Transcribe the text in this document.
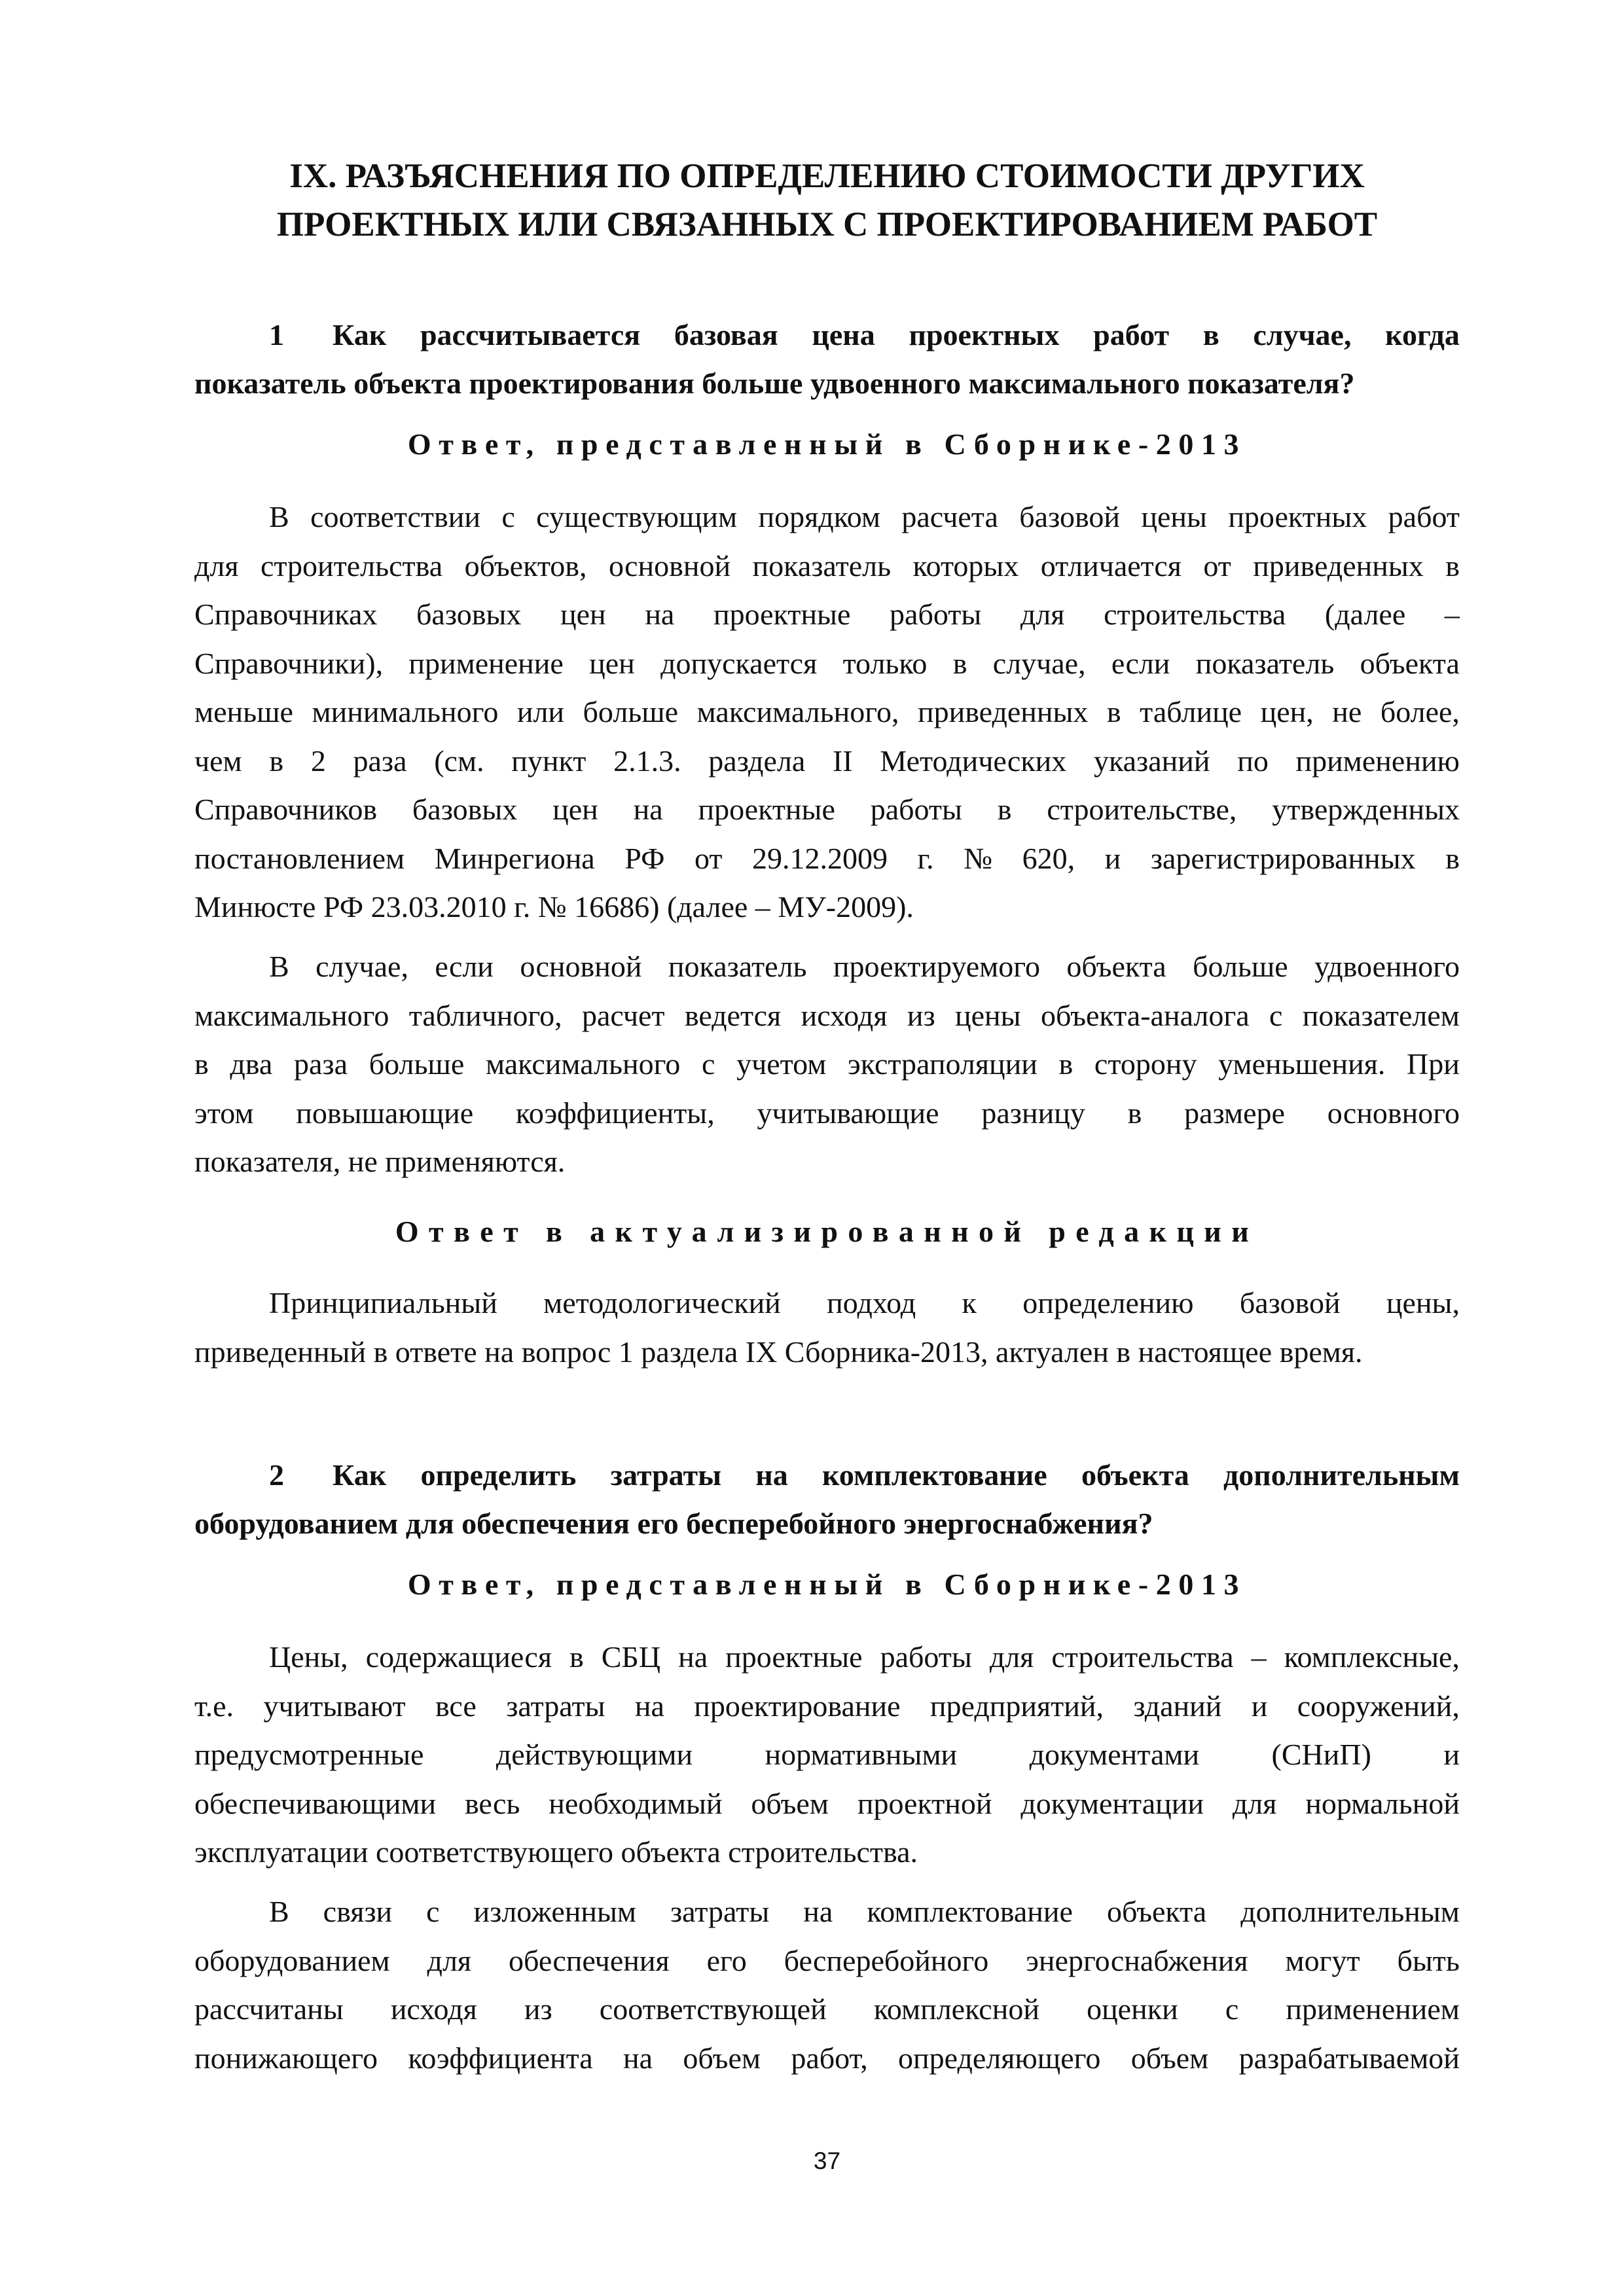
IX. РАЗЪЯСНЕНИЯ ПО ОПРЕДЕЛЕНИЮ СТОИМОСТИ ДРУГИХ
ПРОЕКТНЫХ ИЛИ СВЯЗАННЫХ С ПРОЕКТИРОВАНИЕМ РАБОТ
1 Как рассчитывается базовая цена проектных работ в случае, когда
показатель объекта проектирования больше удвоенного максимального показателя?
Ответ, представленный в Сборнике-2013
В соответствии с существующим порядком расчета базовой цены проектных работ
для строительства объектов, основной показатель которых отличается от приведенных в
Справочниках базовых цен на проектные работы для строительства (далее –
Справочники), применение цен допускается только в случае, если показатель объекта
меньше минимального или больше максимального, приведенных в таблице цен, не более,
чем в 2 раза (см. пункт 2.1.3. раздела II Методических указаний по применению
Справочников базовых цен на проектные работы в строительстве, утвержденных
постановлением Минрегиона РФ от 29.12.2009 г. № 620, и зарегистрированных в
Минюсте РФ 23.03.2010 г. № 16686) (далее – МУ-2009).
В случае, если основной показатель проектируемого объекта больше удвоенного
максимального табличного, расчет ведется исходя из цены объекта-аналога с показателем
в два раза больше максимального с учетом экстраполяции в сторону уменьшения. При
этом повышающие коэффициенты, учитывающие разницу в размере основного
показателя, не применяются.
Ответ в актуализированной редакции
Принципиальный методологический подход к определению базовой цены,
приведенный в ответе на вопрос 1 раздела IX Сборника-2013, актуален в настоящее время.
2 Как определить затраты на комплектование объекта дополнительным
оборудованием для обеспечения его бесперебойного энергоснабжения?
Ответ, представленный в Сборнике-2013
Цены, содержащиеся в СБЦ на проектные работы для строительства – комплексные,
т.е. учитывают все затраты на проектирование предприятий, зданий и сооружений,
предусмотренные действующими нормативными документами (СНиП) и
обеспечивающими весь необходимый объем проектной документации для нормальной
эксплуатации соответствующего объекта строительства.
В связи с изложенным затраты на комплектование объекта дополнительным
оборудованием для обеспечения его бесперебойного энергоснабжения могут быть
рассчитаны исходя из соответствующей комплексной оценки с применением
понижающего коэффициента на объем работ, определяющего объем разрабатываемой
37
